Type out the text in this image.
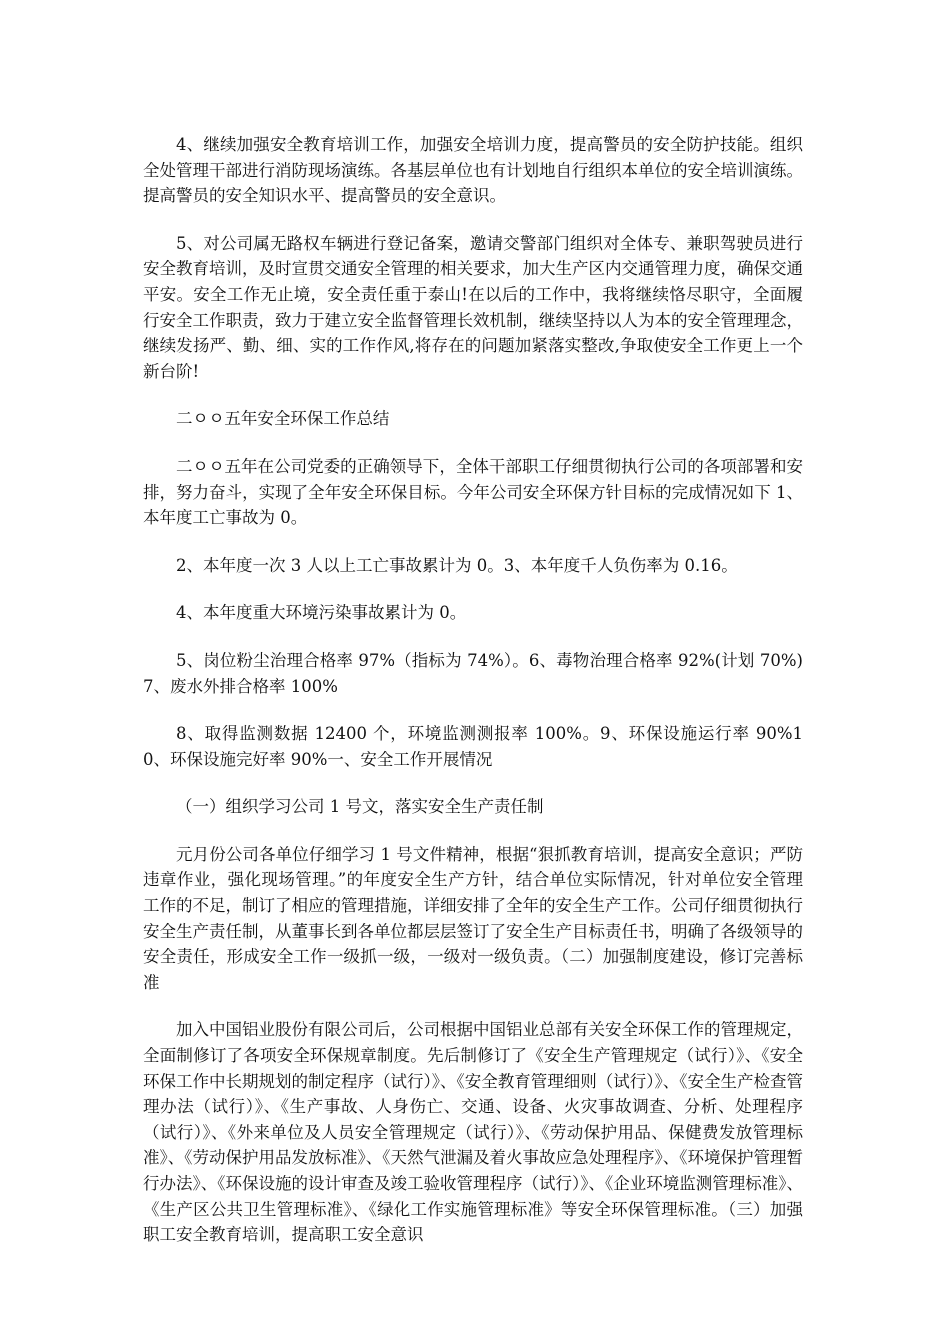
4、继续加强安全教育培训工作，加强安全培训力度，提高警员的安全防护技能。组织全处管理干部进行消防现场演练。各基层单位也有计划地自行组织本单位的安全培训演练。提高警员的安全知识水平、提高警员的安全意识。

5、对公司属无路权车辆进行登记备案，邀请交警部门组织对全体专、兼职驾驶员进行安全教育培训，及时宣贯交通安全管理的相关要求，加大生产区内交通管理力度，确保交通平安。安全工作无止境，安全责任重于泰山!在以后的工作中，我将继续恪尽职守，全面履行安全工作职责，致力于建立安全监督管理长效机制，继续坚持以人为本的安全管理理念，继续发扬严、勤、细、实的工作作风,将存在的问题加紧落实整改,争取使安全工作更上一个新台阶!

二ㅇㅇ五年安全环保工作总结

二ㅇㅇ五年在公司党委的正确领导下，全体干部职工仔细贯彻执行公司的各项部署和安排，努力奋斗，实现了全年安全环保目标。今年公司安全环保方针目标的完成情况如下 1、本年度工亡事故为 0。

2、本年度一次 3 人以上工亡事故累计为 0。3、本年度千人负伤率为 0.16。

4、本年度重大环境污染事故累计为 0。

5、岗位粉尘治理合格率 97%（指标为 74%）。6、毒物治理合格率 92%(计划 70%)7、废水外排合格率 100%

8、取得监测数据 12400 个，环境监测测报率 100%。9、环保设施运行率 90%10、环保设施完好率 90%一、安全工作开展情况

（一）组织学习公司 1 号文，落实安全生产责任制

元月份公司各单位仔细学习 1 号文件精神，根据“狠抓教育培训，提高安全意识；严防违章作业，强化现场管理。”的年度安全生产方针，结合单位实际情况，针对单位安全管理工作的不足，制订了相应的管理措施，详细安排了全年的安全生产工作。公司仔细贯彻执行安全生产责任制，从董事长到各单位都层层签订了安全生产目标责任书，明确了各级领导的安全责任，形成安全工作一级抓一级，一级对一级负责。（二）加强制度建设，修订完善标准

加入中国铝业股份有限公司后，公司根据中国铝业总部有关安全环保工作的管理规定，全面制修订了各项安全环保规章制度。先后制修订了《安全生产管理规定（试行）》、《安全环保工作中长期规划的制定程序（试行）》、《安全教育管理细则（试行）》、《安全生产检查管理办法（试行）》、《生产事故、人身伤亡、交通、设备、火灾事故调查、分析、处理程序（试行）》、《外来单位及人员安全管理规定（试行）》、《劳动保护用品、保健费发放管理标准》、《劳动保护用品发放标准》、《天然气泄漏及着火事故应急处理程序》、《环境保护管理暂行办法》、《环保设施的设计审查及竣工验收管理程序（试行）》、《企业环境监测管理标准》、《生产区公共卫生管理标准》、《绿化工作实施管理标准》等安全环保管理标准。（三）加强职工安全教育培训，提高职工安全意识
